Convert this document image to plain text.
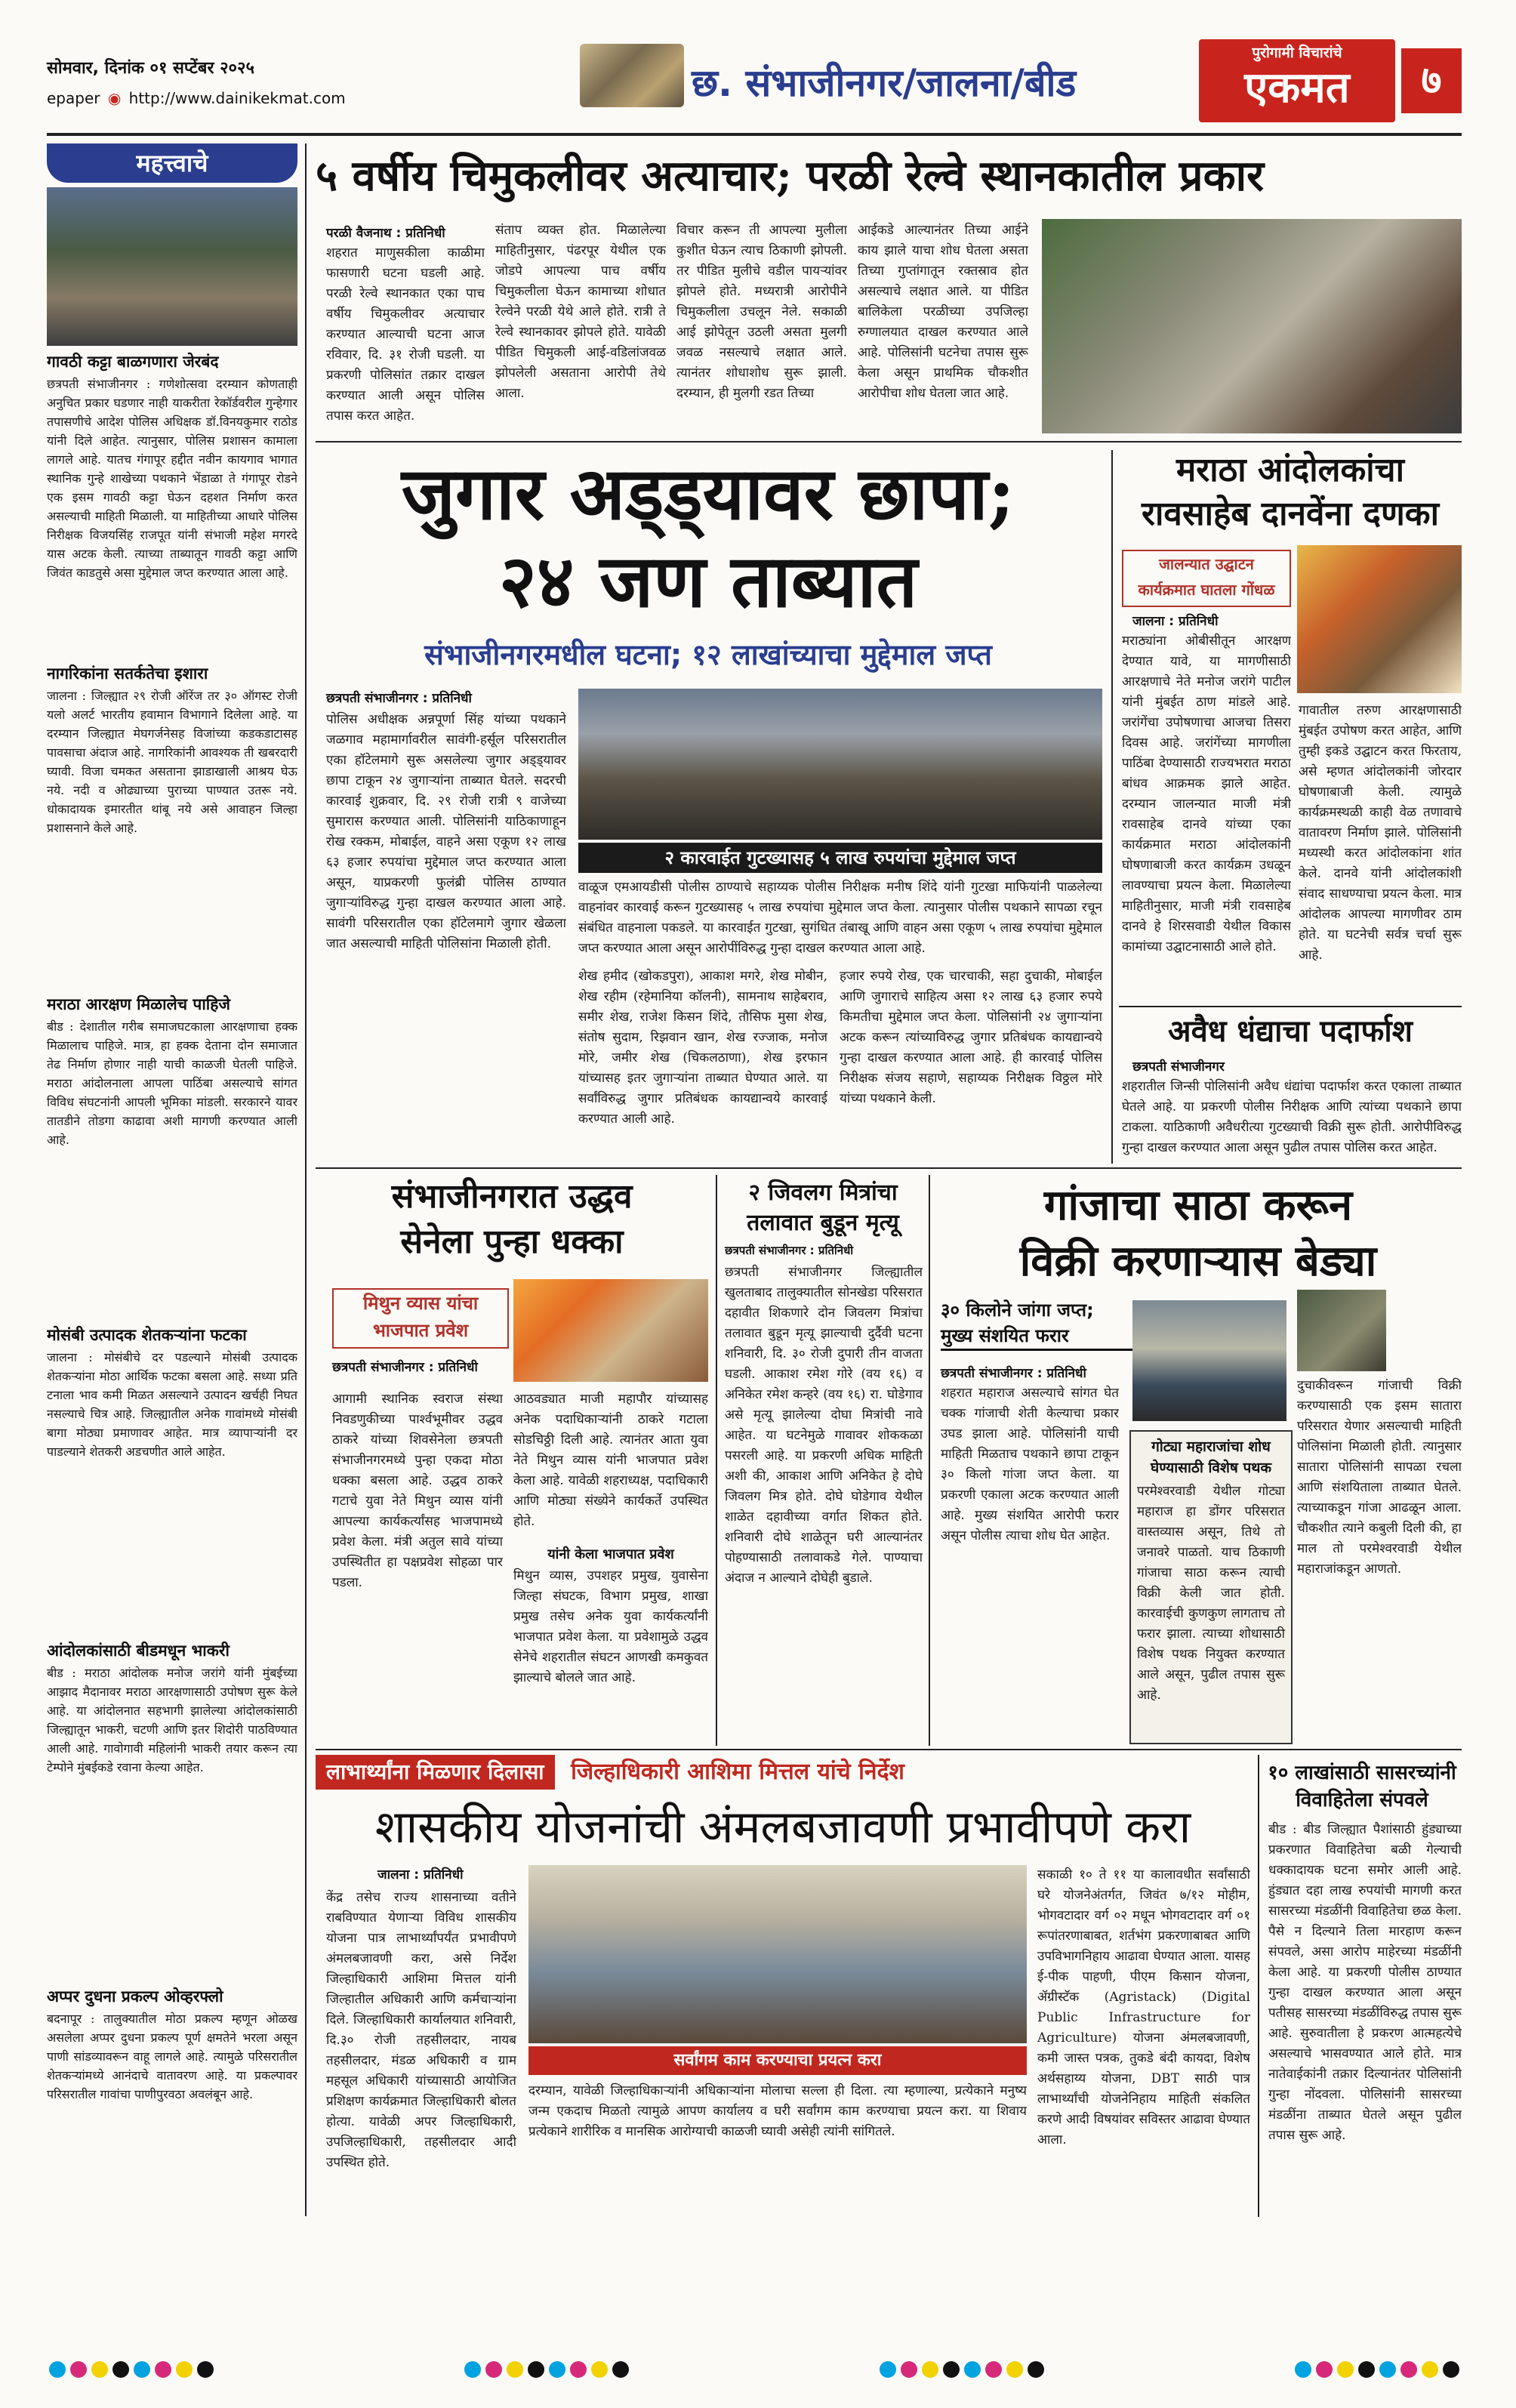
सोमवार, दिनांक ०१ सप्टेंबर २०२५
epaper ◉ http://www.dainikekmat.com	छ. संभाजीनगर/जालना/बीड
पुरोगामी विचारांचे
एकमत	७
महत्त्वाचे
गावठी कट्टा बाळगणारा जेरबंद
छत्रपती संभाजीनगर : गणेशोत्सवा दरम्यान कोणताही अनुचित प्रकार घडणार नाही याकरीता रेकॉर्डवरील गुन्हेगार तपासणीचे आदेश पोलिस अधिक्षक डॉ.विनयकुमार राठोड यांनी दिले आहेत. त्यानुसार, पोलिस प्रशासन कामाला लागले आहे. यातच गंगापूर हद्दीत नवीन कायगाव भागात स्थानिक गुन्हे शाखेच्या पथकाने भेंडाळा ते गंगापूर रोडने एक इसम गावठी कट्टा घेऊन दहशत निर्माण करत असल्याची माहिती मिळाली. या माहितीच्या आधारे पोलिस निरीक्षक विजयसिंह राजपूत यांनी संभाजी महेश मगरदे यास अटक केली. त्याच्या ताब्यातून गावठी कट्टा आणि जिवंत काडतुसे असा मुद्देमाल जप्त करण्यात आला आहे.
नागरिकांना सतर्कतेचा इशारा
जालना : जिल्ह्यात २९ रोजी ऑरेंज तर ३० ऑगस्ट रोजी यलो अलर्ट भारतीय हवामान विभागाने दिलेला आहे. या दरम्यान जिल्ह्यात मेघगर्जनेसह विजांच्या कडकडाटासह पावसाचा अंदाज आहे. नागरिकांनी आवश्यक ती खबरदारी घ्यावी. विजा चमकत असताना झाडाखाली आश्रय घेऊ नये. नदी व ओढ्याच्या पुराच्या पाण्यात उतरू नये. धोकादायक इमारतीत थांबू नये असे आवाहन जिल्हा प्रशासनाने केले आहे.
मराठा आरक्षण मिळालेच पाहिजे
बीड : देशातील गरीब समाजघटकाला आरक्षणाचा हक्क मिळालाच पाहिजे. मात्र, हा हक्क देताना दोन समाजात तेढ निर्माण होणार नाही याची काळजी घेतली पाहिजे. मराठा आंदोलनाला आपला पाठिंबा असल्याचे सांगत विविध संघटनांनी आपली भूमिका मांडली. सरकारने यावर तातडीने तोडगा काढावा अशी मागणी करण्यात आली आहे.
मोसंबी उत्पादक शेतकऱ्यांना फटका
जालना : मोसंबीचे दर पडल्याने मोसंबी उत्पादक शेतकऱ्यांना मोठा आर्थिक फटका बसला आहे. सध्या प्रति टनाला भाव कमी मिळत असल्याने उत्पादन खर्चही निघत नसल्याचे चित्र आहे. जिल्ह्यातील अनेक गावांमध्ये मोसंबी बागा मोठ्या प्रमाणावर आहेत. मात्र व्यापाऱ्यांनी दर पाडल्याने शेतकरी अडचणीत आले आहेत.
आंदोलकांसाठी बीडमधून भाकरी
बीड : मराठा आंदोलक मनोज जरांगे यांनी मुंबईच्या आझाद मैदानावर मराठा आरक्षणासाठी उपोषण सुरू केले आहे. या आंदोलनात सहभागी झालेल्या आंदोलकांसाठी जिल्ह्यातून भाकरी, चटणी आणि इतर शिदोरी पाठविण्यात आली आहे. गावोगावी महिलांनी भाकरी तयार करून त्या टेम्पोने मुंबईकडे रवाना केल्या आहेत.
अप्पर दुधना प्रकल्प ओव्हरफ्लो
बदनापूर : तालुक्यातील मोठा प्रकल्प म्हणून ओळख असलेला अप्पर दुधना प्रकल्प पूर्ण क्षमतेने भरला असून पाणी सांडव्यावरून वाहू लागले आहे. त्यामुळे परिसरातील शेतकऱ्यांमध्ये आनंदाचे वातावरण आहे. या प्रकल्पावर परिसरातील गावांचा पाणीपुरवठा अवलंबून आहे.
५ वर्षीय चिमुकलीवर अत्याचार; परळी रेल्वे स्थानकातील प्रकार
परळी वैजनाथ : प्रतिनिधी
शहरात माणुसकीला काळीमा फासणारी घटना घडली आहे. परळी रेल्वे स्थानकात एका पाच वर्षीय चिमुकलीवर अत्याचार करण्यात आल्याची घटना आज रविवार, दि. ३१ रोजी घडली. या प्रकरणी पोलिसांत तक्रार दाखल करण्यात आली असून पोलिस तपास करत आहेत.
संताप व्यक्त होत. मिळालेल्या माहितीनुसार, पंढरपूर येथील एक जोडपे आपल्या पाच वर्षीय चिमुकलीला घेऊन कामाच्या शोधात रेल्वेने परळी येथे आले होते. रात्री ते रेल्वे स्थानकावर झोपले होते. यावेळी पीडित चिमुकली आई-वडिलांजवळ झोपलेली असताना आरोपी तेथे आला.
विचार करून ती आपल्या मुलीला कुशीत घेऊन त्याच ठिकाणी झोपली. तर पीडित मुलीचे वडील पायऱ्यांवर झोपले होते. मध्यरात्री आरोपीने चिमुकलीला उचलून नेले. सकाळी आई झोपेतून उठली असता मुलगी जवळ नसल्याचे लक्षात आले. त्यानंतर शोधाशोध सुरू झाली. दरम्यान, ही मुलगी रडत तिच्या
आईकडे आल्यानंतर तिच्या आईने काय झाले याचा शोध घेतला असता तिच्या गुप्तांगातून रक्तस्राव होत असल्याचे लक्षात आले. या पीडित बालिकेला परळीच्या उपजिल्हा रुग्णालयात दाखल करण्यात आले आहे. पोलिसांनी घटनेचा तपास सुरू केला असून प्राथमिक चौकशीत आरोपीचा शोध घेतला जात आहे.
जुगार अड्ड्यावर छापा;
२४ जण ताब्यात
संभाजीनगरमधील घटना; १२ लाखांच्याचा मुद्देमाल जप्त
छत्रपती संभाजीनगर : प्रतिनिधी
पोलिस अधीक्षक अन्नपूर्णा सिंह यांच्या पथकाने जळगाव महामार्गावरील सावंगी-हर्सूल परिसरातील एका हॉटेलमागे सुरू असलेल्या जुगार अड्ड्यावर छापा टाकून २४ जुगाऱ्यांना ताब्यात घेतले. सदरची कारवाई शुक्रवार, दि. २९ रोजी रात्री ९ वाजेच्या सुमारास करण्यात आली. पोलिसांनी याठिकाणाहून रोख रक्कम, मोबाईल, वाहने असा एकूण १२ लाख ६३ हजार रुपयांचा मुद्देमाल जप्त करण्यात आला असून, याप्रकरणी फुलंब्री पोलिस ठाण्यात जुगाऱ्यांविरुद्ध गुन्हा दाखल करण्यात आला आहे. सावंगी परिसरातील एका हॉटेलमागे जुगार खेळला जात असल्याची माहिती पोलिसांना मिळाली होती.
२ कारवाईत गुटख्यासह ५ लाख रुपयांचा मुद्देमाल जप्त
वाळूज एमआयडीसी पोलीस ठाण्याचे सहाय्यक पोलीस निरीक्षक मनीष शिंदे यांनी गुटखा माफियांनी पाळलेल्या वाहनांवर कारवाई करून गुटख्यासह ५ लाख रुपयांचा मुद्देमाल जप्त केला. त्यानुसार पोलीस पथकाने सापळा रचून संबंधित वाहनाला पकडले. या कारवाईत गुटखा, सुगंधित तंबाखू आणि वाहन असा एकूण ५ लाख रुपयांचा मुद्देमाल जप्त करण्यात आला असून आरोपींविरुद्ध गुन्हा दाखल करण्यात आला आहे.
शेख हमीद (खोकडपुरा), आकाश मगरे, शेख मोबीन, शेख रहीम (रहेमानिया कॉलनी), सामनाथ साहेबराव, समीर शेख, राजेश किसन शिंदे, तौसिफ मुसा शेख, संतोष सुदाम, रिझवान खान, शेख रज्जाक, मनोज मोरे, जमीर शेख (चिकलठाणा), शेख इरफान यांच्यासह इतर जुगाऱ्यांना ताब्यात घेण्यात आले. या सर्वांविरुद्ध जुगार प्रतिबंधक कायद्यान्वये कारवाई करण्यात आली आहे.
हजार रुपये रोख, एक चारचाकी, सहा दुचाकी, मोबाईल आणि जुगाराचे साहित्य असा १२ लाख ६३ हजार रुपये किमतीचा मुद्देमाल जप्त केला. पोलिसांनी २४ जुगाऱ्यांना अटक करून त्यांच्याविरुद्ध जुगार प्रतिबंधक कायद्यान्वये गुन्हा दाखल करण्यात आला आहे. ही कारवाई पोलिस निरीक्षक संजय सहाणे, सहाय्यक निरीक्षक विठ्ठल मोरे यांच्या पथकाने केली.
मराठा आंदोलकांचा
रावसाहेब दानवेंना दणका
जालन्यात उद्घाटन
कार्यक्रमात घातला गोंधळ
जालना : प्रतिनिधी
मराठ्यांना ओबीसीतून आरक्षण देण्यात यावे, या मागणीसाठी आरक्षणाचे नेते मनोज जरांगे पाटील यांनी मुंबईत ठाण मांडले आहे. जरांगेंचा उपोषणाचा आजचा तिसरा दिवस आहे. जरांगेंच्या मागणीला पाठिंबा देण्यासाठी राज्यभरात मराठा बांधव आक्रमक झाले आहेत. दरम्यान जालन्यात माजी मंत्री रावसाहेब दानवे यांच्या एका कार्यक्रमात मराठा आंदोलकांनी घोषणाबाजी करत कार्यक्रम उधळून लावण्याचा प्रयत्न केला. मिळालेल्या माहितीनुसार, माजी मंत्री रावसाहेब दानवे हे शिरसवाडी येथील विकास कामांच्या उद्घाटनासाठी आले होते.
गावातील तरुण आरक्षणासाठी मुंबईत उपोषण करत आहेत, आणि तुम्ही इकडे उद्घाटन करत फिरताय, असे म्हणत आंदोलकांनी जोरदार घोषणाबाजी केली. त्यामुळे कार्यक्रमस्थळी काही वेळ तणावाचे वातावरण निर्माण झाले. पोलिसांनी मध्यस्थी करत आंदोलकांना शांत केले. दानवे यांनी आंदोलकांशी संवाद साधण्याचा प्रयत्न केला. मात्र आंदोलक आपल्या मागणीवर ठाम होते. या घटनेची सर्वत्र चर्चा सुरू आहे.
अवैध धंद्याचा पदार्फाश
छत्रपती संभाजीनगर
शहरातील जिन्सी पोलिसांनी अवैध धंद्यांचा पदार्फाश करत एकाला ताब्यात घेतले आहे. या प्रकरणी पोलीस निरीक्षक आणि त्यांच्या पथकाने छापा टाकला. याठिकाणी अवैधरीत्या गुटख्याची विक्री सुरू होती. आरोपीविरुद्ध गुन्हा दाखल करण्यात आला असून पुढील तपास पोलिस करत आहेत.
संभाजीनगरात उद्धव
सेनेला पुन्हा धक्का
मिथुन व्यास यांचा
भाजपात प्रवेश
छत्रपती संभाजीनगर : प्रतिनिधी
आगामी स्थानिक स्वराज संस्था निवडणुकीच्या पार्श्वभूमीवर उद्धव ठाकरे यांच्या शिवसेनेला छत्रपती संभाजीनगरमध्ये पुन्हा एकदा मोठा धक्का बसला आहे. उद्धव ठाकरे गटाचे युवा नेते मिथुन व्यास यांनी आपल्या कार्यकर्त्यांसह भाजपामध्ये प्रवेश केला. मंत्री अतुल सावे यांच्या उपस्थितीत हा पक्षप्रवेश सोहळा पार पडला.
आठवड्यात माजी महापौर यांच्यासह अनेक पदाधिकाऱ्यांनी ठाकरे गटाला सोडचिठ्ठी दिली आहे. त्यानंतर आता युवा नेते मिथुन व्यास यांनी भाजपात प्रवेश केला आहे. यावेळी शहराध्यक्ष, पदाधिकारी आणि मोठ्या संख्येने कार्यकर्ते उपस्थित होते.
यांनी केला भाजपात प्रवेश
मिथुन व्यास, उपशहर प्रमुख, युवासेना जिल्हा संघटक, विभाग प्रमुख, शाखा प्रमुख तसेच अनेक युवा कार्यकर्त्यांनी भाजपात प्रवेश केला. या प्रवेशामुळे उद्धव सेनेचे शहरातील संघटन आणखी कमकुवत झाल्याचे बोलले जात आहे.
२ जिवलग मित्रांचा
तलावात बुडून मृत्यू
छत्रपती संभाजीनगर : प्रतिनिधी
छत्रपती संभाजीनगर जिल्ह्यातील खुलताबाद तालुक्यातील सोनखेडा परिसरात दहावीत शिकणारे दोन जिवलग मित्रांचा तलावात बुडून मृत्यू झाल्याची दुर्दैवी घटना शनिवारी, दि. ३० रोजी दुपारी तीन वाजता घडली. आकाश रमेश गोरे (वय १६) व अनिकेत रमेश कन्हरे (वय १६) रा. घोडेगाव असे मृत्यू झालेल्या दोघा मित्रांची नावे आहेत. या घटनेमुळे गावावर शोककळा पसरली आहे. या प्रकरणी अधिक माहिती अशी की, आकाश आणि अनिकेत हे दोघे जिवलग मित्र होते. दोघे घोडेगाव येथील शाळेत दहावीच्या वर्गात शिकत होते. शनिवारी दोघे शाळेतून घरी आल्यानंतर पोहण्यासाठी तलावाकडे गेले. पाण्याचा अंदाज न आल्याने दोघेही बुडाले.
गांजाचा साठा करून
विक्री करणाऱ्यास बेड्या
३० किलोने जांगा जप्त;
मुख्य संशयित फरार
छत्रपती संभाजीनगर : प्रतिनिधी
शहरात महाराज असल्याचे सांगत घेत चक्क गांजाची शेती केल्याचा प्रकार उघड झाला आहे. पोलिसांनी याची माहिती मिळताच पथकाने छापा टाकून ३० किलो गांजा जप्त केला. या प्रकरणी एकाला अटक करण्यात आली आहे. मुख्य संशयित आरोपी फरार असून पोलीस त्याचा शोध घेत आहेत.
गोट्या महाराजांचा शोध
घेण्यासाठी विशेष पथक
परमेश्वरवाडी येथील गोट्या महाराज हा डोंगर परिसरात वास्तव्यास असून, तिथे तो जनावरे पाळतो. याच ठिकाणी गांजाचा साठा करून त्याची विक्री केली जात होती. कारवाईची कुणकुण लागताच तो फरार झाला. त्याच्या शोधासाठी विशेष पथक नियुक्त करण्यात आले असून, पुढील तपास सुरू आहे.
दुचाकीवरून गांजाची विक्री करण्यासाठी एक इसम सातारा परिसरात येणार असल्याची माहिती पोलिसांना मिळाली होती. त्यानुसार सातारा पोलिसांनी सापळा रचला आणि संशयिताला ताब्यात घेतले. त्याच्याकडून गांजा आढळून आला. चौकशीत त्याने कबुली दिली की, हा माल तो परमेश्वरवाडी येथील महाराजांकडून आणतो.
लाभार्थ्यांना मिळणार दिलासा जिल्हाधिकारी आशिमा मित्तल यांचे निर्देश
शासकीय योजनांची अंमलबजावणी प्रभावीपणे करा
जालना : प्रतिनिधी
केंद्र तसेच राज्य शासनाच्या वतीने राबविण्यात येणाऱ्या विविध शासकीय योजना पात्र लाभार्थ्यांपर्यंत प्रभावीपणे अंमलबजावणी करा, असे निर्देश जिल्हाधिकारी आशिमा मित्तल यांनी जिल्हातील अधिकारी आणि कर्मचाऱ्यांना दिले. जिल्हाधिकारी कार्यालयात शनिवारी, दि.३० रोजी तहसीलदार, नायब तहसीलदार, मंडळ अधिकारी व ग्राम महसूल अधिकारी यांच्यासाठी आयोजित प्रशिक्षण कार्यक्रमात जिल्हाधिकारी बोलत होत्या. यावेळी अपर जिल्हाधिकारी, उपजिल्हाधिकारी, तहसीलदार आदी उपस्थित होते.
सर्वांगम काम करण्याचा प्रयत्न करा
दरम्यान, यावेळी जिल्हाधिकाऱ्यांनी अधिकाऱ्यांना मोलाचा सल्ला ही दिला. त्या म्हणाल्या, प्रत्येकाने मनुष्य जन्म एकदाच मिळतो त्यामुळे आपण कार्यालय व घरी सर्वांगम काम करण्याचा प्रयत्न करा. या शिवाय प्रत्येकाने शारीरिक व मानसिक आरोग्याची काळजी घ्यावी असेही त्यांनी सांगितले.
सकाळी १० ते ११ या कालावधीत सर्वांसाठी घरे योजनेअंतर्गत, जिवंत ७/१२ मोहीम, भोगवटादार वर्ग ०२ मधून भोगवटादार वर्ग ०१ रूपांतरणाबाबत, शर्तभंग प्रकरणाबाबत आणि उपविभागनिहाय आढावा घेण्यात आला. यासह ई-पीक पाहणी, पीएम किसान योजना, ॲग्रीस्टॅक (Agristack) (Digital Public Infrastructure for Agriculture) योजना अंमलबजावणी, कमी जास्त पत्रक, तुकडे बंदी कायदा, विशेष अर्थसहाय्य योजना, DBT साठी पात्र लाभार्थ्यांची योजनेनिहाय माहिती संकलित करणे आदी विषयांवर सविस्तर आढावा घेण्यात आला.
१० लाखांसाठी सासरच्यांनी
विवाहितेला संपवले
बीड : बीड जिल्ह्यात पैशांसाठी हुंड्याच्या प्रकरणात विवाहितेचा बळी गेल्याची धक्कादायक घटना समोर आली आहे. हुंड्यात दहा लाख रुपयांची मागणी करत सासरच्या मंडळींनी विवाहितेचा छळ केला. पैसे न दिल्याने तिला मारहाण करून संपवले, असा आरोप माहेरच्या मंडळींनी केला आहे. या प्रकरणी पोलीस ठाण्यात गुन्हा दाखल करण्यात आला असून पतीसह सासरच्या मंडळींविरुद्ध तपास सुरू आहे. सुरुवातीला हे प्रकरण आत्महत्येचे असल्याचे भासवण्यात आले होते. मात्र नातेवाईकांनी तक्रार दिल्यानंतर पोलिसांनी गुन्हा नोंदवला. पोलिसांनी सासरच्या मंडळींना ताब्यात घेतले असून पुढील तपास सुरू आहे.
